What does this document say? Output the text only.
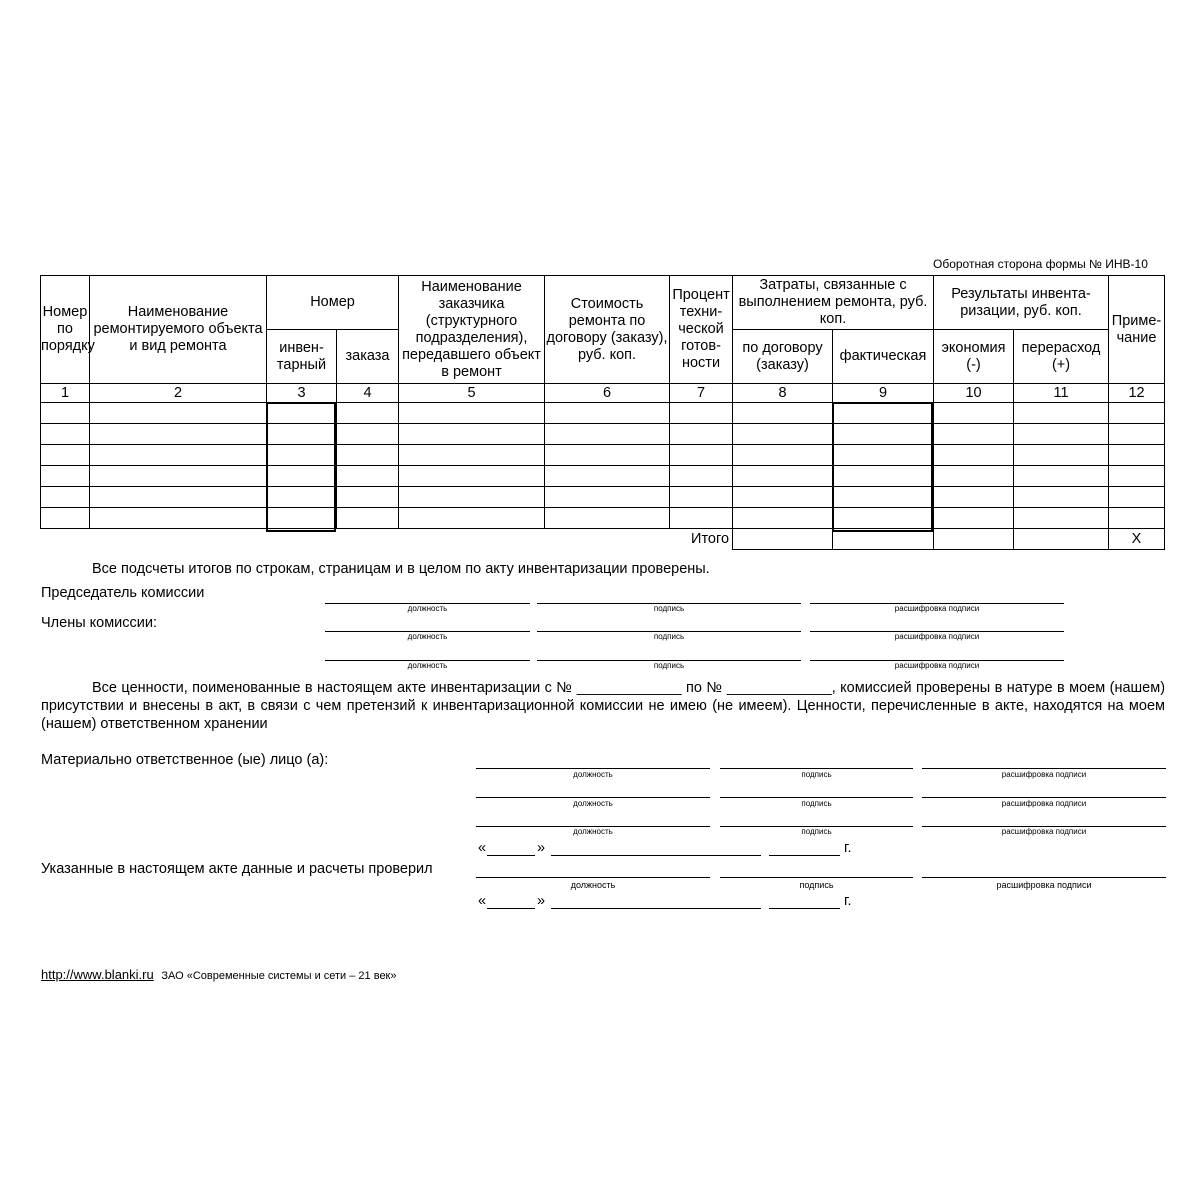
Оборотная сторона формы № ИНВ-10
Номер по порядку	Наименование ремонтируемого объекта и вид ремонта	Номер		Наименование заказчика (структурного подразделения), передавшего объект в ремонт	Стоимость ремонта по договору (заказу), руб. коп.	Процент техни-ческой готов-ности	Затраты, связанные с выполнением ремонта, руб. коп.		Результаты инвента-ризации, руб. коп.		Приме-чание
		инвен-тарный	заказа				по договору (заказу)	фактическая	экономия (-)	перерасход (+)	
1	2	3	4	5	6	7	8	9	10	11	12

						Итого					X
Все подсчеты итогов по строкам, страницам и в целом по акту инвентаризации проверены.
Председатель комиссии
должность	подпись	расшифровка подписи
Члены комиссии:
должность	подпись	расшифровка подписи
должность	подпись	расшифровка подписи
Все ценности, поименованные в настоящем акте инвентаризации с № _____________ по № _____________, комиссией проверены в натуре в моем (нашем) присутствии и внесены в акт, в связи с чем претензий к инвентаризационной комиссии не имею (не имеем). Ценности, перечисленные в акте, находятся на моем (нашем) ответственном хранении
Материально ответственное (ые) лицо (а):
должность	подпись	расшифровка подписи
должность	подпись	расшифровка подписи
должность	подпись	расшифровка подписи
«	»	г.
Указанные в настоящем акте данные и расчеты проверил
должность	подпись	расшифровка подписи
«	»	г.
http://www.blanki.ru ЗАО «Современные системы и сети – 21 век»
